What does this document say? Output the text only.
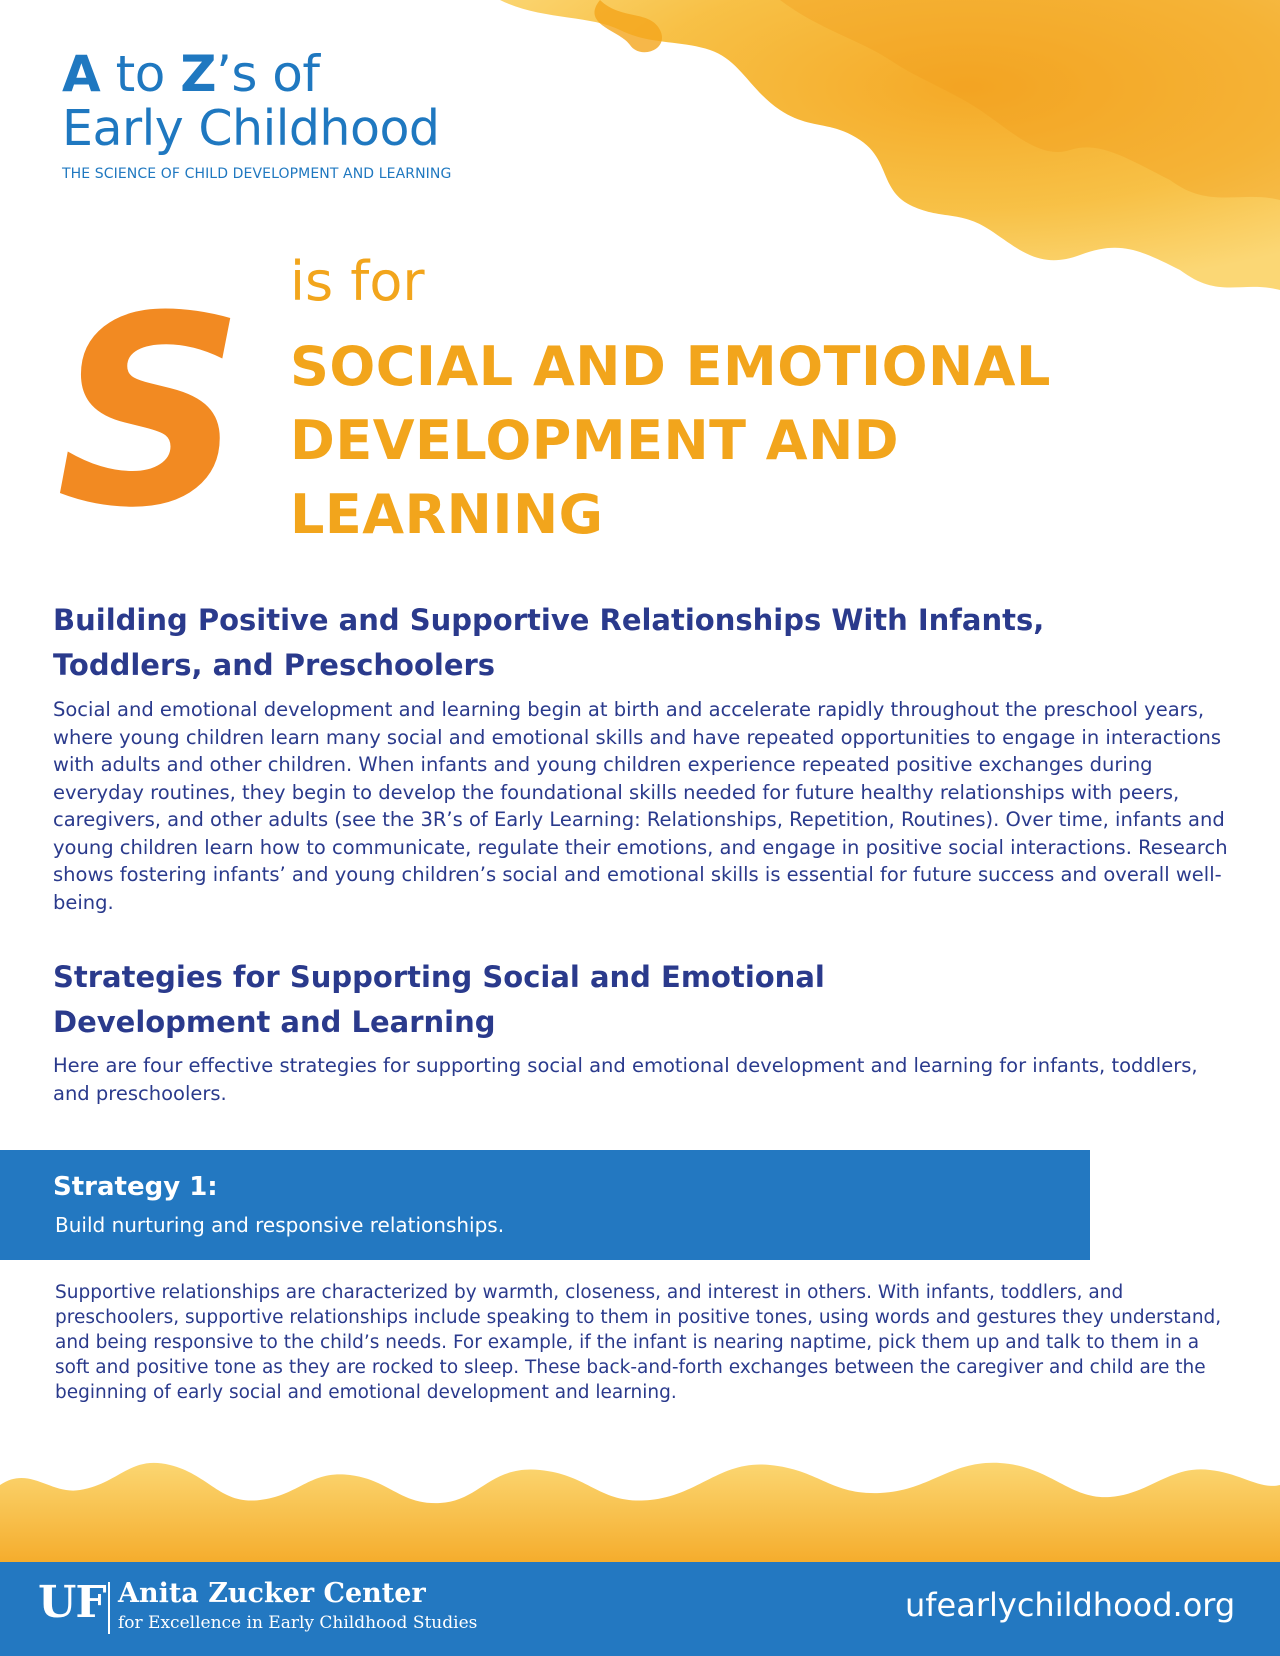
A to Z’s of
Early Childhood
THE SCIENCE OF CHILD DEVELOPMENT AND LEARNING
S is for
SOCIAL AND EMOTIONAL
DEVELOPMENT AND
LEARNING
Building Positive and Supportive Relationships With Infants,
Toddlers, and Preschoolers
Social and emotional development and learning begin at birth and accelerate rapidly throughout the preschool years, where young children learn many social and emotional skills and have repeated opportunities to engage in interactions with adults and other children. When infants and young children experience repeated positive exchanges during everyday routines, they begin to develop the foundational skills needed for future healthy relationships with peers, caregivers, and other adults (see the 3R’s of Early Learning: Relationships, Repetition, Routines). Over time, infants and young children learn how to communicate, regulate their emotions, and engage in positive social interactions. Research shows fostering infants’ and young children’s social and emotional skills is essential for future success and overall well-being.
Strategies for Supporting Social and Emotional
Development and Learning
Here are four effective strategies for supporting social and emotional development and learning for infants, toddlers, and preschoolers.
Strategy 1:
Build nurturing and responsive relationships.
Supportive relationships are characterized by warmth, closeness, and interest in others. With infants, toddlers, and preschoolers, supportive relationships include speaking to them in positive tones, using words and gestures they understand, and being responsive to the child’s needs. For example, if the infant is nearing naptime, pick them up and talk to them in a soft and positive tone as they are rocked to sleep. These back-and-forth exchanges between the caregiver and child are the beginning of early social and emotional development and learning.
UF Anita Zucker Center
for Excellence in Early Childhood Studies	ufearlychildhood.org
